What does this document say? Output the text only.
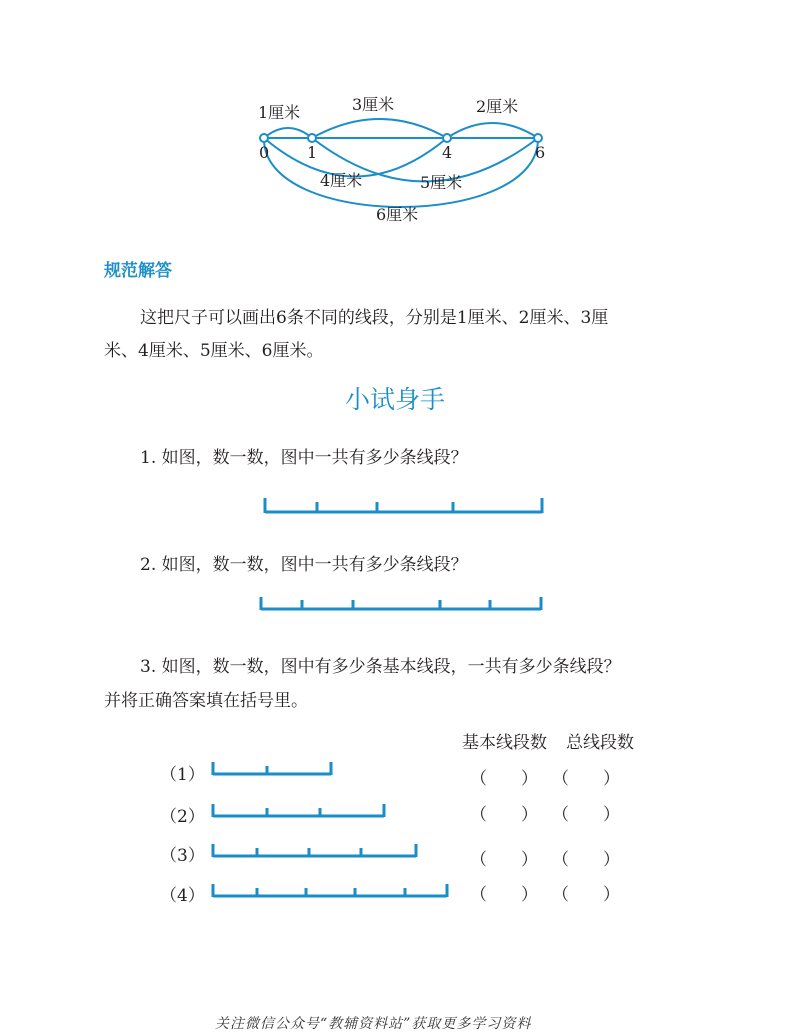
0 1	4	6
1厘米	3厘米	2厘米
4厘米	5厘米
6厘米
规范解答
这把尺子可以画出6条不同的线段，分别是1厘米、2厘米、3厘
米、4厘米、5厘米、6厘米。
小试身手
1. 如图，数一数，图中一共有多少条线段？
2. 如图，数一数，图中一共有多少条线段？
3. 如图，数一数，图中有多少条基本线段，一共有多少条线段？
并将正确答案填在括号里。
基本线段数 总线段数
（1）	（　　） （　　）
（2）	（　　） （　　）
（3）	（　　） （　　）
（4）	（　　） （　　）
关注微信公众号“教辅资料站”获取更多学习资料
